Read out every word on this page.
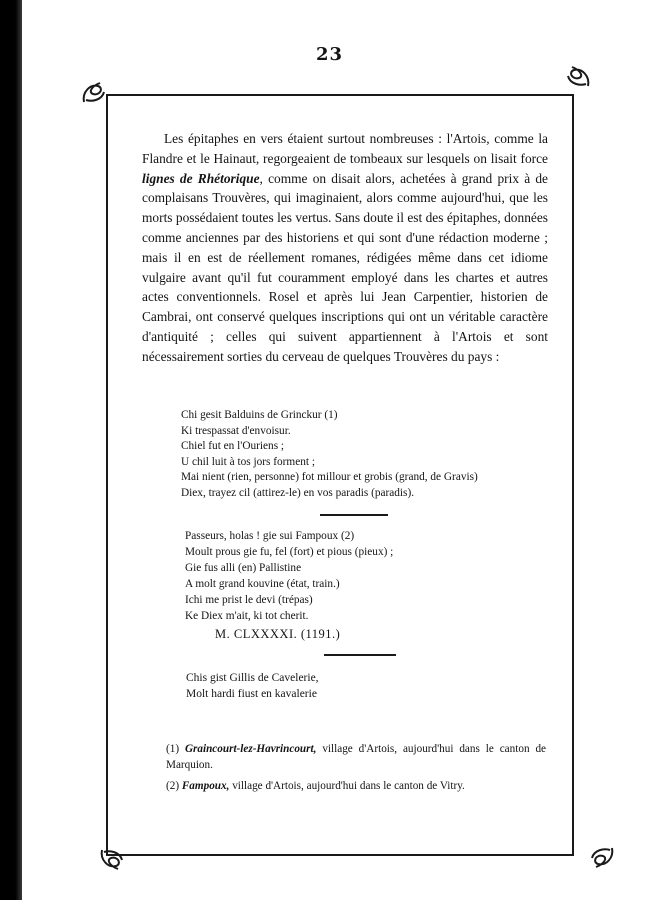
23

Les épitaphes en vers étaient surtout nombreuses : l'Artois, comme la Flandre et le Hainaut, regorgeaient de tombeaux sur lesquels on lisait force lignes de Rhétorique, comme on disait alors, achetées à grand prix à de complaisans Trouvères, qui imaginaient, alors comme aujourd'hui, que les morts possédaient toutes les vertus. Sans doute il est des épitaphes, données comme anciennes par des historiens et qui sont d'une rédaction moderne ; mais il en est de réellement romanes, rédigées même dans cet idiome vulgaire avant qu'il fut couramment employé dans les chartes et autres actes conventionnels. Rosel et après lui Jean Carpentier, historien de Cambrai, ont conservé quelques inscriptions qui ont un véritable caractère d'antiquité ; celles qui suivent appartiennent à l'Artois et sont nécessairement sorties du cerveau de quelques Trouvères du pays :

Chi gesit Balduins de Grinckur (1)
Ki trespassat d'envoisur.
Chiel fut en l'Ouriens ;
U chil luit à tos jors forment ;
Mai nient (rien, personne) fot millour et grobis (grand, de Gravis)
Diex, trayez cil (attirez-le) en vos paradis (paradis).
Passeurs, holas ! gie sui Fampoux (2)
Moult prous gie fu, fel (fort) et pious (pieux) ;
Gie fus alli (en) Pallistine
A molt grand kouvine (état, train.)
Ichi me prist le devi (trépas)
Ke Diex m'ait, ki tot cherit.
M. CLXXXXI. (1191.)
Chis gist Gillis de Cavelerie,
Molt hardi fiust en kavalerie
(1) Graincourt-lez-Havrincourt, village d'Artois, aujourd'hui dans le canton de Marquion.
(2) Fampoux, village d'Artois, aujourd'hui dans le canton de Vitry.
